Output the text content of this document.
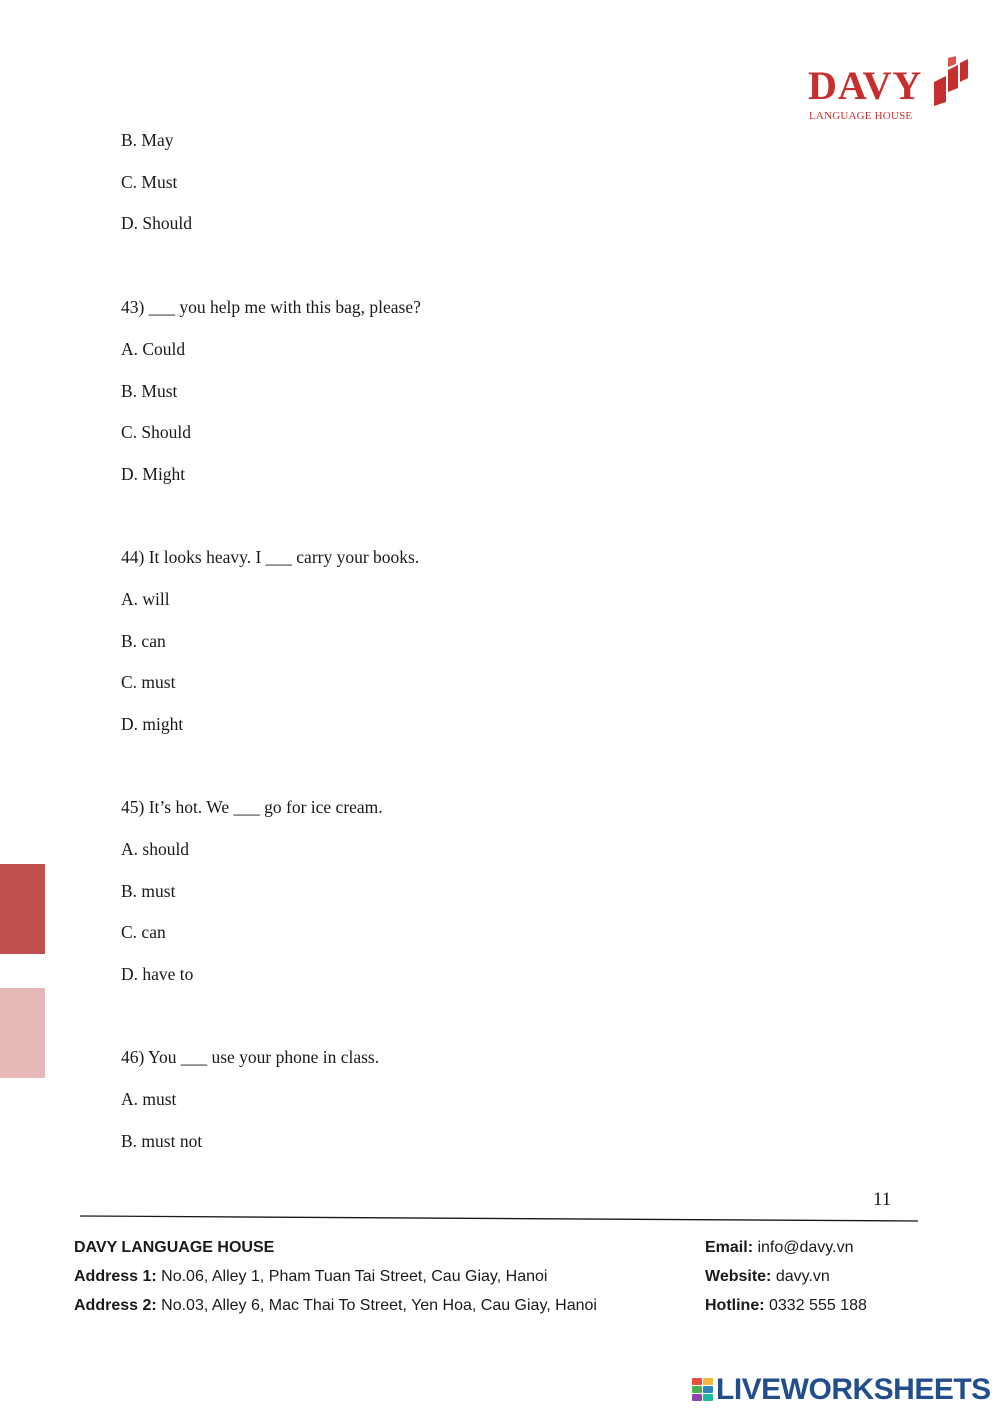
DAVY
LANGUAGE HOUSE
B. May
C. Must
D. Should
43) ___ you help me with this bag, please?
A. Could
B. Must
C. Should
D. Might
44) It looks heavy. I ___ carry your books.
A. will
B. can
C. must
D. might
45) It’s hot. We ___ go for ice cream.
A. should
B. must
C. can
D. have to
46) You ___ use your phone in class.
A. must
B. must not
11
DAVY LANGUAGE HOUSE
Address 1: No.06, Alley 1, Pham Tuan Tai Street, Cau Giay, Hanoi
Address 2: No.03, Alley 6, Mac Thai To Street, Yen Hoa, Cau Giay, Hanoi
Email: info@davy.vn
Website: davy.vn
Hotline: 0332 555 188
LIVEWORKSHEETS
